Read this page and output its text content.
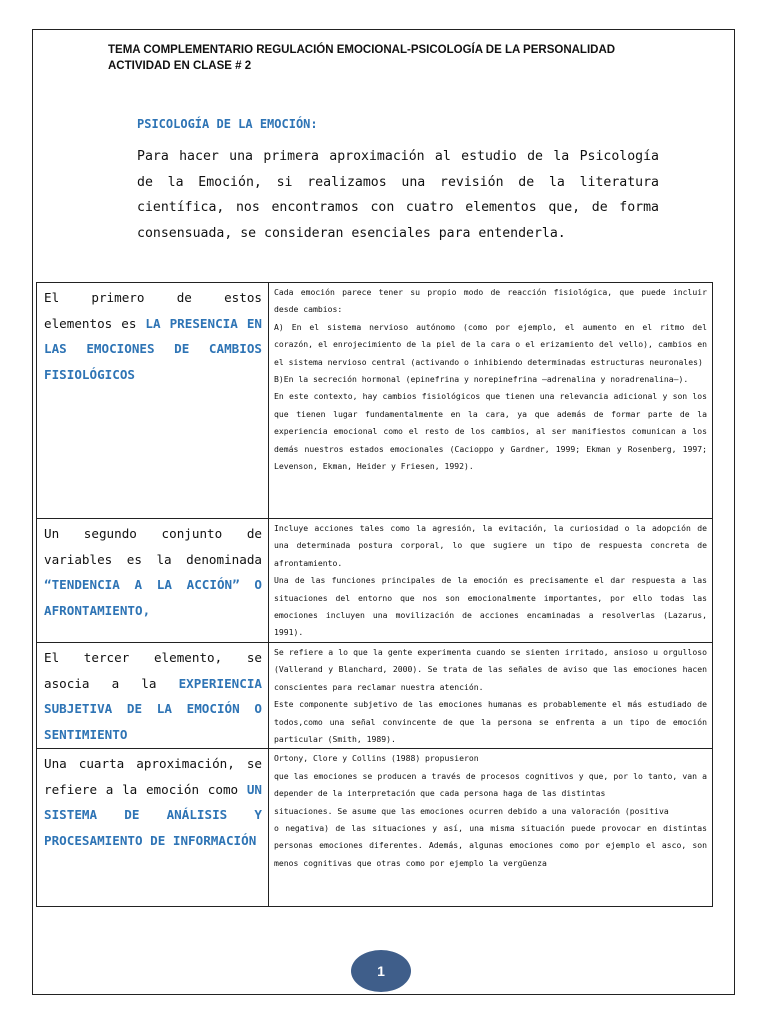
TEMA COMPLEMENTARIO REGULACIÓN EMOCIONAL-PSICOLOGÍA DE LA PERSONALIDAD
ACTIVIDAD EN CLASE # 2
PSICOLOGÍA DE LA EMOCIÓN:

Para hacer una primera aproximación al estudio de la Psicología de la Emoción, si realizamos una revisión de la literatura científica, nos encontramos con cuatro elementos que, de forma consensuada, se consideran esenciales para entenderla.

El primero de estos elementos es LA PRESENCIA EN LAS EMOCIONES DE CAMBIOS FISIOLÓGICOS	Cada emoción parece tener su propio modo de reacción fisiológica, que puede incluir desde cambios:

A) En el sistema nervioso autónomo (como por ejemplo, el aumento en el ritmo del corazón, el enrojecimiento de la piel de la cara o el erizamiento del vello), cambios en el sistema nervioso central (activando o inhibiendo determinadas estructuras neuronales)

B)En la secreción hormonal (epinefrina y norepinefrina –adrenalina y noradrenalina–).

En este contexto, hay cambios fisiológicos que tienen una relevancia adicional y son los que tienen lugar fundamentalmente en la cara, ya que además de formar parte de la experiencia emocional como el resto de los cambios, al ser manifiestos comunican a los demás nuestros estados emocionales (Cacioppo y Gardner, 1999; Ekman y Rosenberg, 1997; Levenson, Ekman, Heider y Friesen, 1992).

Un segundo conjunto de variables es la denominada “TENDENCIA A LA ACCIÓN” O AFRONTAMIENTO,	Incluye acciones tales como la agresión, la evitación, la curiosidad o la adopción de una determinada postura corporal, lo que sugiere un tipo de respuesta concreta de afrontamiento.

Una de las funciones principales de la emoción es precisamente el dar respuesta a las situaciones del entorno que nos son emocionalmente importantes, por ello todas las emociones incluyen una movilización de acciones encaminadas a resolverlas (Lazarus, 1991).

El tercer elemento, se asocia a la EXPERIENCIA SUBJETIVA DE LA EMOCIÓN O SENTIMIENTO	Se refiere a lo que la gente experimenta cuando se sienten irritado, ansioso u orgulloso (Vallerand y Blanchard, 2000). Se trata de las señales de aviso que las emociones hacen conscientes para reclamar nuestra atención.

Este componente subjetivo de las emociones humanas es probablemente el más estudiado de todos,como una señal convincente de que la persona se enfrenta a un tipo de emoción particular (Smith, 1989).

Una cuarta aproximación, se refiere a la emoción como UN SISTEMA DE ANÁLISIS Y PROCESAMIENTO DE INFORMACIÓN	Ortony, Clore y Collins (1988) propusieron

que las emociones se producen a través de procesos cognitivos y que, por lo tanto, van a depender de la interpretación que cada persona haga de las distintas

situaciones. Se asume que las emociones ocurren debido a una valoración (positiva

o negativa) de las situaciones y así, una misma situación puede provocar en distintas personas emociones diferentes. Además, algunas emociones como por ejemplo el asco, son menos cognitivas que otras como por ejemplo la vergüenza

1
